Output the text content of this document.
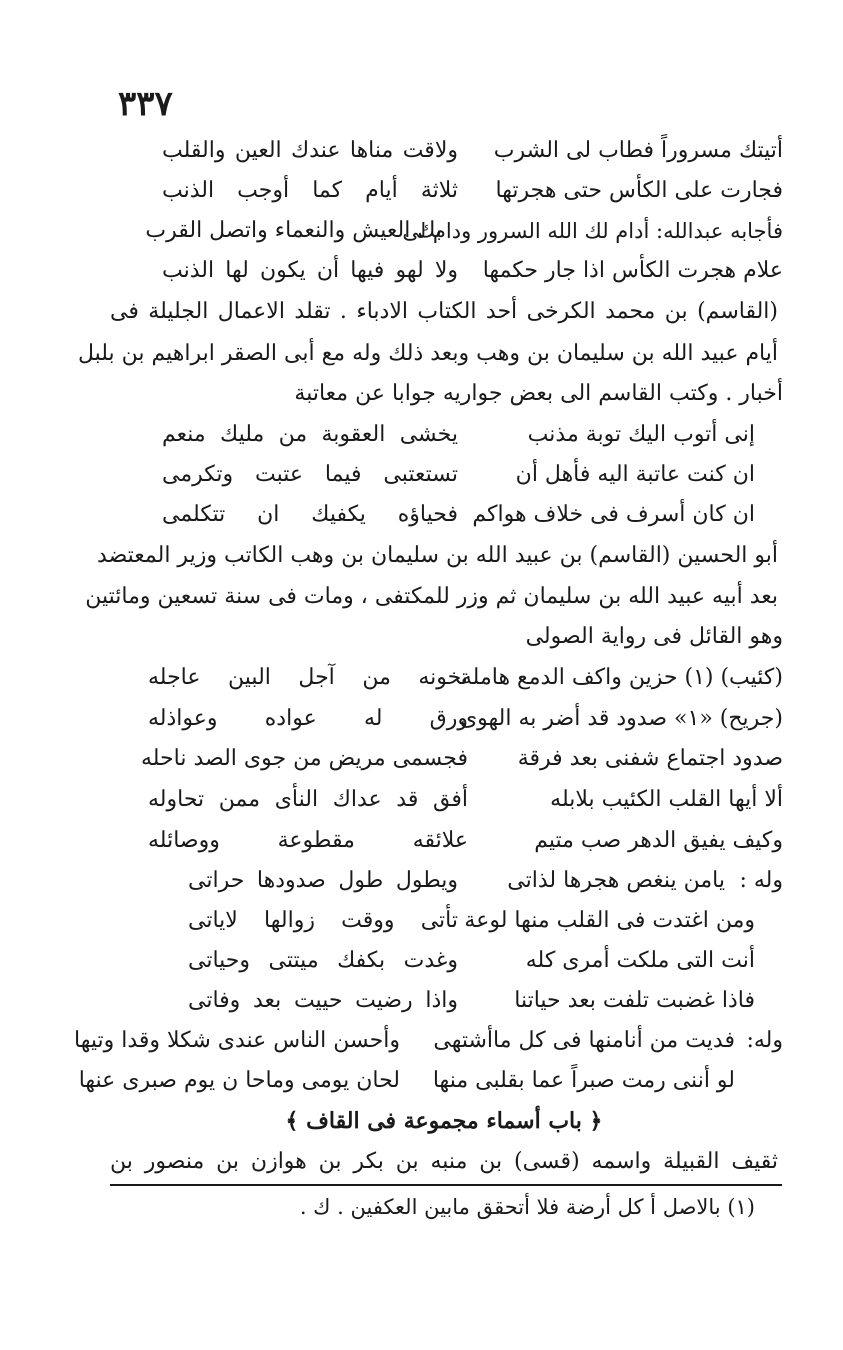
٣٣٧
أتيتك مسروراً فطاب لى الشرب
ولاقت مناها عندك العين والقلب
فجارت على الكأس حتى هجرتها
ثلاثة أيام كما أوجب الذنب
فأجابه عبدالله: أدام لك الله السرور ودام لى
بك العيش والنعماء واتصل القرب
علام هجرت الكأس اذا جار حكمها
ولا لهو فيها أن يكون لها الذنب
(القاسم) بن محمد الكرخى أحد الكتاب الادباء . تقلد الاعمال الجليلة فى
أيام عبيد الله بن سليمان بن وهب وبعد ذلك وله مع أبى الصقر ابراهيم بن بلبل
أخبار . وكتب القاسم الى بعض جواريه جوابا عن معاتبة
إنى أتوب اليك توبة مذنب
يخشى العقوبة من مليك منعم
ان كنت عاتبة اليه فأهل أن
تستعتبى فيما عتبت وتكرمى
ان كان أسرف فى خلاف هواكم
فحياؤه يكفيك ان تتكلمى
أبو الحسين (القاسم) بن عبيد الله بن سليمان بن وهب الكاتب وزير المعتضد
بعد أبيه عبيد الله بن سليمان ثم وزر للمكتفى ، ومات فى سنة تسعين ومائتين
وهو القائل فى رواية الصولى
(كئيب) (١) حزين واكف الدمع هامله
تخونه من آجل البين عاجله
(جريح) «١» صدود قد أضر به الهوى
ورق له عواده وعواذله
صدود اجتماع شفنى بعد فرقة
فجسمى مريض من جوى الصد ناحله
ألا أيها القلب الكئيب بلابله
أفق قد عداك النأى ممن تحاوله
وكيف يفيق الدهر صب متيم
علائقه مقطوعة ووصائله
وله :
يامن ينغص هجرها لذاتى
ويطول طول صدودها حراتى
ومن اغتدت فى القلب منها لوعة
تأتى ووقت زوالها لاياتى
أنت التى ملكت أمرى كله
وغدت بكفك ميتتى وحياتى
فاذا غضبت تلفت بعد حياتنا
واذا رضيت حييت بعد وفاتى
وله:
فديت من أنامنها فى كل ماأشتهى
وأحسن الناس عندى شكلا وقدا وتيها
لو أننى رمت صبراً عما بقلبى منها
لحان يومى وماحا ن يوم صبرى عنها
﴿ باب أسماء مجموعة فى القاف ﴾
ثقيف القبيلة واسمه (قسى) بن منبه بن بكر بن هوازن بن منصور بن
(١) بالاصل أ كل أرضة فلا أتحقق مابين العكفين . ك .
